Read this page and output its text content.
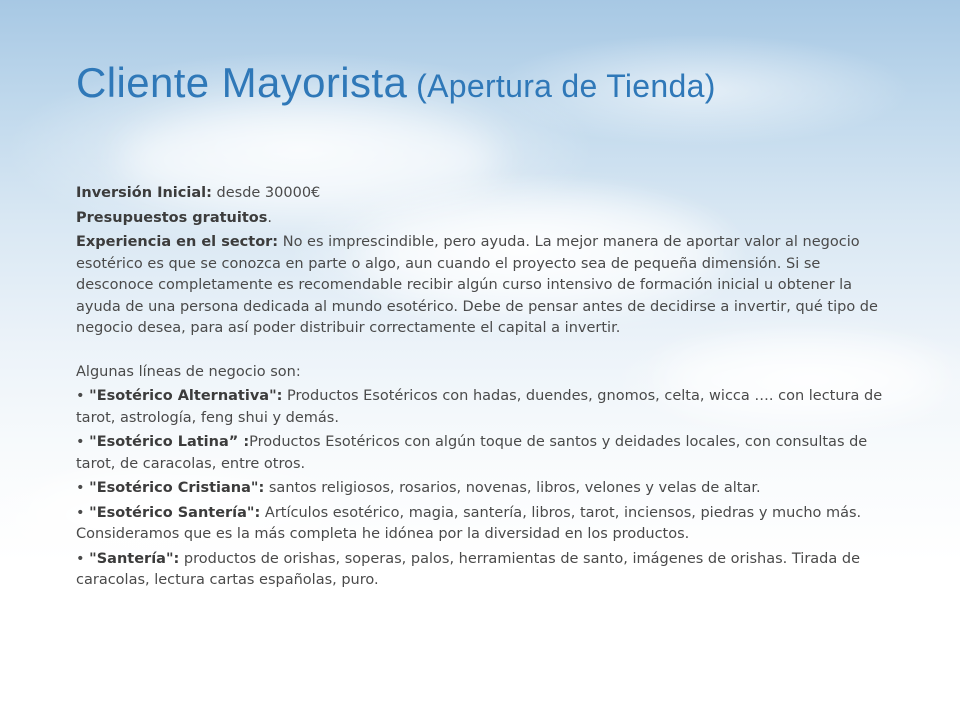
Cliente Mayorista (Apertura de Tienda)

Inversión Inicial: desde 30000€

Presupuestos gratuitos.

Experiencia en el sector: No es imprescindible, pero ayuda. La mejor manera de aportar valor al negocio esotérico es que se conozca en parte o algo, aun cuando el proyecto sea de pequeña dimensión. Si se desconoce completamente es recomendable recibir algún curso intensivo de formación inicial u obtener la ayuda de una persona dedicada al mundo esotérico. Debe de pensar antes de decidirse a invertir, qué tipo de negocio desea, para así poder distribuir correctamente el capital a invertir.

Algunas líneas de negocio son:

• "Esotérico Alternativa": Productos Esotéricos con hadas, duendes, gnomos, celta, wicca …. con lectura de tarot, astrología, feng shui y demás.

• "Esotérico Latina” :Productos Esotéricos con algún toque de santos y deidades locales, con consultas de tarot, de caracolas, entre otros.

• "Esotérico Cristiana": santos religiosos, rosarios, novenas, libros, velones y velas de altar.

• "Esotérico Santería": Artículos esotérico, magia, santería, libros, tarot, inciensos, piedras y mucho más. Consideramos que es la más completa he idónea por la diversidad en los productos.

• "Santería": productos de orishas, soperas, palos, herramientas de santo, imágenes de orishas. Tirada de caracolas, lectura cartas españolas, puro.
